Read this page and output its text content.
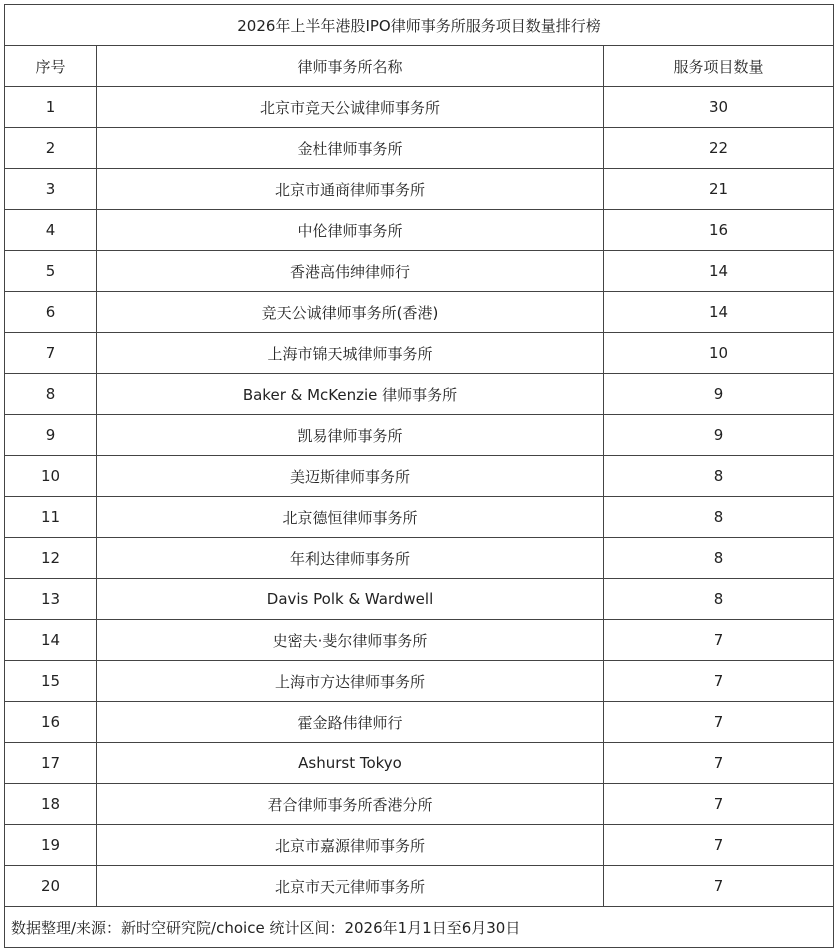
2026年上半年港股IPO律师事务所服务项目数量排行榜		
序号	律师事务所名称	服务项目数量
1	北京市竞天公诚律师事务所	30
2	金杜律师事务所	22
3	北京市通商律师事务所	21
4	中伦律师事务所	16
5	香港高伟绅律师行	14
6	竞天公诚律师事务所(香港)	14
7	上海市锦天城律师事务所	10
8	Baker & McKenzie 律师事务所	9
9	凯易律师事务所	9
10	美迈斯律师事务所	8
11	北京德恒律师事务所	8
12	年利达律师事务所	8
13	Davis Polk & Wardwell	8
14	史密夫·斐尔律师事务所	7
15	上海市方达律师事务所	7
16	霍金路伟律师行	7
17	Ashurst Tokyo	7
18	君合律师事务所香港分所	7
19	北京市嘉源律师事务所	7
20	北京市天元律师事务所	7
数据整理/来源：新时空研究院/choice 统计区间：2026年1月1日至6月30日		
